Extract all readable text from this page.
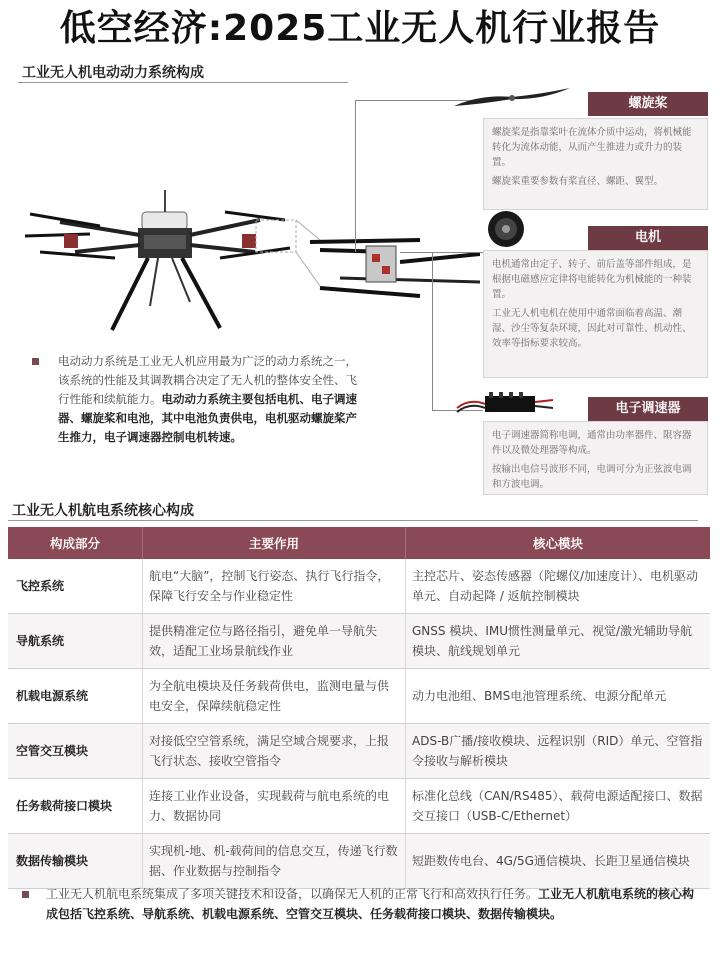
低空经济:2025工业无人机行业报告
工业无人机电动动力系统构成
螺旋桨

螺旋桨是指靠桨叶在流体介质中运动，将机械能转化为流体动能，从而产生推进力或升力的装置。

螺旋桨重要参数有桨直径、螺距、翼型。

电机

电机通常由定子、转子、前后盖等部件组成，是根据电磁感应定律将电能转化为机械能的一种装置。

工业无人机电机在使用中通常面临着高温、潮湿、沙尘等复杂环境，因此对可靠性、机动性、效率等指标要求较高。

电子调速器

电子调速器简称电调，通常由功率器件、限容器件以及微处理器等构成。

按输出电信号波形不同，电调可分为正弦波电调和方波电调。

电动动力系统是工业无人机应用最为广泛的动力系统之一，该系统的性能及其调教耦合决定了无人机的整体安全性、飞行性能和续航能力。电动动力系统主要包括电机、电子调速器、螺旋桨和电池，其中电池负责供电，电机驱动螺旋桨产生推力，电子调速器控制电机转速。
工业无人机航电系统核心构成
构成部分	主要作用	核心模块
飞控系统	航电“大脑”，控制飞行姿态、执行飞行指令，保障飞行安全与作业稳定性	主控芯片、姿态传感器（陀螺仪/加速度计）、电机驱动单元、自动起降 / 返航控制模块
导航系统	提供精准定位与路径指引，避免单一导航失效，适配工业场景航线作业	GNSS 模块、IMU惯性测量单元、视觉/激光辅助导航模块、航线规划单元
机载电源系统	为全航电模块及任务载荷供电，监测电量与供电安全，保障续航稳定性	动力电池组、BMS电池管理系统、电源分配单元
空管交互模块	对接低空空管系统，满足空域合规要求，上报飞行状态、接收空管指令	ADS-B广播/接收模块、远程识别（RID）单元、空管指令接收与解析模块
任务载荷接口模块	连接工业作业设备，实现载荷与航电系统的电力、数据协同	标准化总线（CAN/RS485）、载荷电源适配接口、数据交互接口（USB-C/Ethernet）
数据传输模块	实现机-地、机-载荷间的信息交互，传递飞行数据、作业数据与控制指令	短距数传电台、4G/5G通信模块、长距卫星通信模块
工业无人机航电系统集成了多项关键技术和设备，以确保无人机的正常飞行和高效执行任务。工业无人机航电系统的核心构成包括飞控系统、导航系统、机载电源系统、空管交互模块、任务载荷接口模块、数据传输模块。
